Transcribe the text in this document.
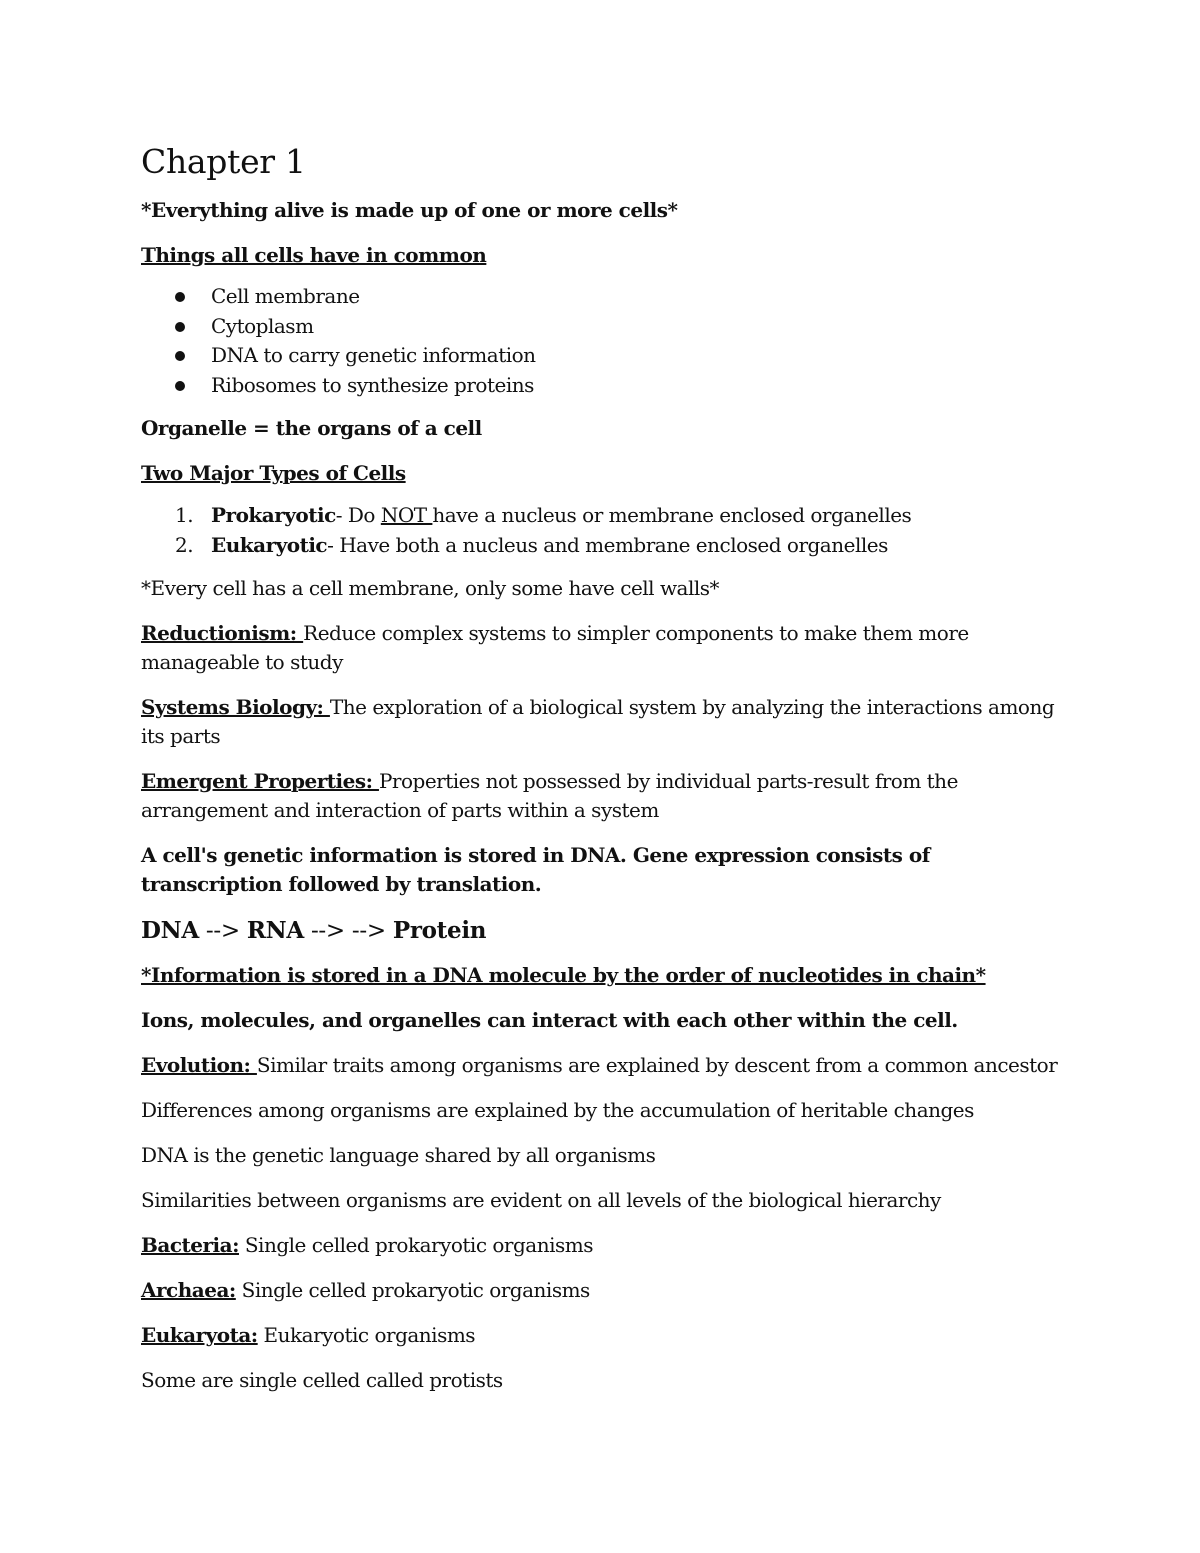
Chapter 1

*Everything alive is made up of one or more cells*

Things all cells have in common

Cell membrane
Cytoplasm
DNA to carry genetic information
Ribosomes to synthesize proteins

Organelle = the organs of a cell

Two Major Types of Cells

1. Prokaryotic- Do NOT have a nucleus or membrane enclosed organelles
2. Eukaryotic- Have both a nucleus and membrane enclosed organelles

*Every cell has a cell membrane, only some have cell walls*

Reductionism: Reduce complex systems to simpler components to make them more manageable to study

Systems Biology: The exploration of a biological system by analyzing the interactions among its parts

Emergent Properties: Properties not possessed by individual parts-result from the arrangement and interaction of parts within a system

A cell's genetic information is stored in DNA. Gene expression consists of transcription followed by translation.

DNA --> RNA --> --> Protein

*Information is stored in a DNA molecule by the order of nucleotides in chain*

Ions, molecules, and organelles can interact with each other within the cell.

Evolution: Similar traits among organisms are explained by descent from a common ancestor

Differences among organisms are explained by the accumulation of heritable changes

DNA is the genetic language shared by all organisms

Similarities between organisms are evident on all levels of the biological hierarchy

Bacteria: Single celled prokaryotic organisms

Archaea: Single celled prokaryotic organisms

Eukaryota: Eukaryotic organisms

Some are single celled called protists
